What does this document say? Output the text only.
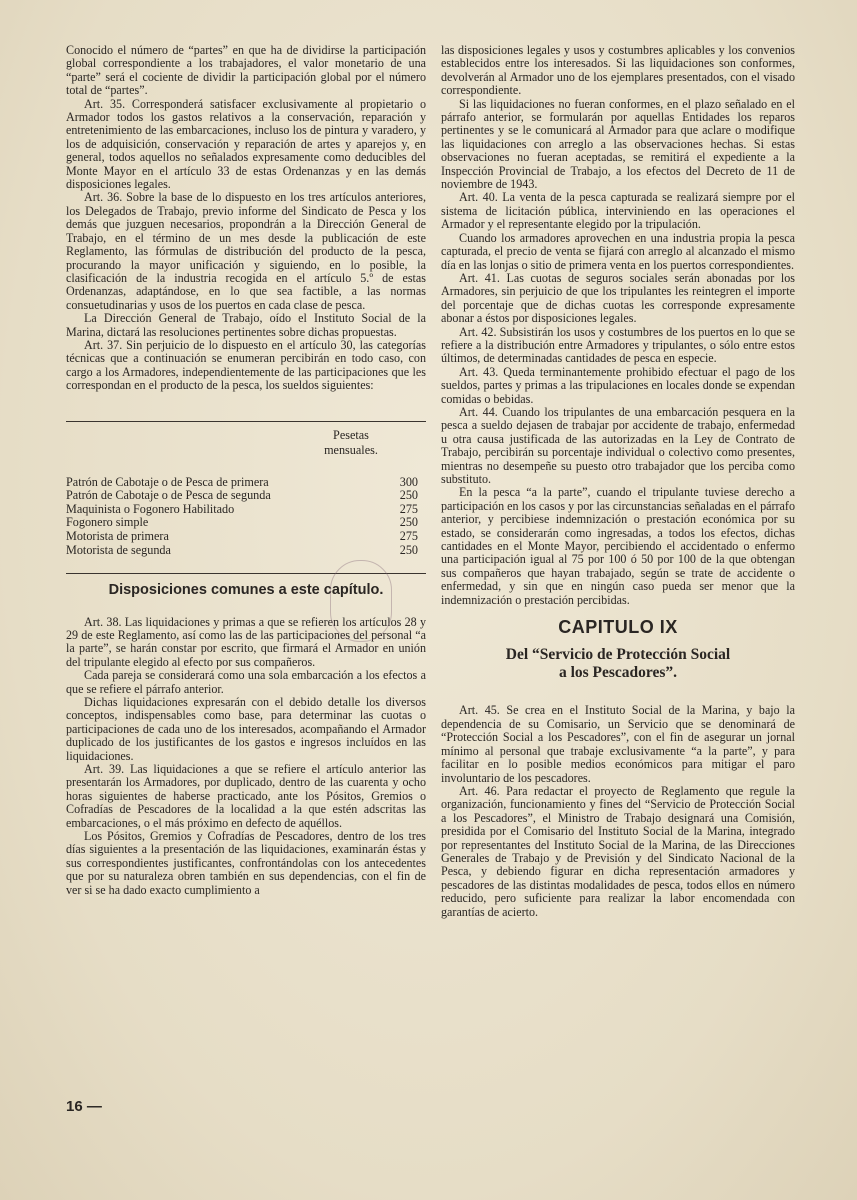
Conocido el número de “partes” en que ha de dividirse la participación global correspondiente a los trabajadores, el valor monetario de una “parte” será el cociente de dividir la participación global por el número total de “partes”.

Art. 35. Corresponderá satisfacer exclusivamente al propietario o Armador todos los gastos relativos a la conservación, reparación y entretenimiento de las embarcaciones, incluso los de pintura y varadero, y los de adquisición, conservación y reparación de artes y aparejos y, en general, todos aquellos no señalados expresamente como deducibles del Monte Mayor en el artículo 33 de estas Ordenanzas y en las demás disposiciones legales.

Art. 36. Sobre la base de lo dispuesto en los tres artículos anteriores, los Delegados de Trabajo, previo informe del Sindicato de Pesca y los demás que juzguen necesarios, propondrán a la Dirección General de Trabajo, en el término de un mes desde la publicación de este Reglamento, las fórmulas de distribución del producto de la pesca, procurando la mayor unificación y siguiendo, en lo posible, la clasificación de la industria recogida en el artículo 5.º de estas Ordenanzas, adaptándose, en lo que sea factible, a las normas consuetudinarias y usos de los puertos en cada clase de pesca.

La Dirección General de Trabajo, oído el Instituto Social de la Marina, dictará las resoluciones pertinentes sobre dichas propuestas.

Art. 37. Sin perjuicio de lo dispuesto en el artículo 30, las categorías técnicas que a continuación se enumeran percibirán en todo caso, con cargo a los Armadores, independientemente de las participaciones que les correspondan en el producto de la pesca, los sueldos siguientes:

Pesetas mensuales.
Patrón de Cabotaje o de Pesca de primera	300
Patrón de Cabotaje o de Pesca de segunda	250
Maquinista o Fogonero Habilitado	275
Fogonero simple	250
Motorista de primera	275
Motorista de segunda	250
Disposiciones comunes a este capítulo.

Art. 38. Las liquidaciones y primas a que se refieren los artículos 28 y 29 de este Reglamento, así como las de las participaciones del personal “a la parte”, se harán constar por escrito, que firmará el Armador en unión del tripulante elegido al efecto por sus compañeros.

Cada pareja se considerará como una sola embarcación a los efectos a que se refiere el párrafo anterior.

Dichas liquidaciones expresarán con el debido detalle los diversos conceptos, indispensables como base, para determinar las cuotas o participaciones de cada uno de los interesados, acompañando el Armador duplicado de los justificantes de los gastos e ingresos incluídos en las liquidaciones.

Art. 39. Las liquidaciones a que se refiere el artículo anterior las presentarán los Armadores, por duplicado, dentro de las cuarenta y ocho horas siguientes de haberse practicado, ante los Pósitos, Gremios o Cofradías de Pescadores de la localidad a la que estén adscritas las embarcaciones, o el más próximo en defecto de aquéllos.

Los Pósitos, Gremios y Cofradías de Pescadores, dentro de los tres días siguientes a la presentación de las liquidaciones, examinarán éstas y sus correspondientes justificantes, confrontándolas con los antecedentes que por su naturaleza obren también en sus dependencias, con el fin de ver si se ha dado exacto cumplimiento a

las disposiciones legales y usos y costumbres aplicables y los convenios establecidos entre los interesados. Si las liquidaciones son conformes, devolverán al Armador uno de los ejemplares presentados, con el visado correspondiente.

Si las liquidaciones no fueran conformes, en el plazo señalado en el párrafo anterior, se formularán por aquellas Entidades los reparos pertinentes y se le comunicará al Armador para que aclare o modifique las liquidaciones con arreglo a las observaciones hechas. Si estas observaciones no fueran aceptadas, se remitirá el expediente a la Inspección Provincial de Trabajo, a los efectos del Decreto de 11 de noviembre de 1943.

Art. 40. La venta de la pesca capturada se realizará siempre por el sistema de licitación pública, interviniendo en las operaciones el Armador y el representante elegido por la tripulación.

Cuando los armadores aprovechen en una industria propia la pesca capturada, el precio de venta se fijará con arreglo al alcanzado el mismo día en las lonjas o sitio de primera venta en los puertos correspondientes.

Art. 41. Las cuotas de seguros sociales serán abonadas por los Armadores, sin perjuicio de que los tripulantes les reintegren el importe del porcentaje que de dichas cuotas les corresponde expresamente abonar a éstos por disposiciones legales.

Art. 42. Subsistirán los usos y costumbres de los puertos en lo que se refiere a la distribución entre Armadores y tripulantes, o sólo entre estos últimos, de determinadas cantidades de pesca en especie.

Art. 43. Queda terminantemente prohibido efectuar el pago de los sueldos, partes y primas a las tripulaciones en locales donde se expendan comidas o bebidas.

Art. 44. Cuando los tripulantes de una embarcación pesquera en la pesca a sueldo dejasen de trabajar por accidente de trabajo, enfermedad u otra causa justificada de las autorizadas en la Ley de Contrato de Trabajo, percibirán su porcentaje individual o colectivo como presentes, mientras no desempeñe su puesto otro trabajador que los perciba como substituto.

En la pesca “a la parte”, cuando el tripulante tuviese derecho a participación en los casos y por las circunstancias señaladas en el párrafo anterior, y percibiese indemnización o prestación económica por su estado, se considerarán como ingresadas, a todos los efectos, dichas cantidades en el Monte Mayor, percibiendo el accidentado o enfermo una participación igual al 75 por 100 ó 50 por 100 de la que obtengan sus compañeros que hayan trabajado, según se trate de accidente o enfermedad, y sin que en ningún caso pueda ser menor que la indemnización o prestación percibidas.

CAPITULO IX
Del “Servicio de Protección Social
a los Pescadores”.

Art. 45. Se crea en el Instituto Social de la Marina, y bajo la dependencia de su Comisario, un Servicio que se denominará de “Protección Social a los Pescadores”, con el fin de asegurar un jornal mínimo al personal que trabaje exclusivamente “a la parte”, y para facilitar en lo posible medios económicos para mitigar el paro involuntario de los pescadores.

Art. 46. Para redactar el proyecto de Reglamento que regule la organización, funcionamiento y fines del “Servicio de Protección Social a los Pescadores”, el Ministro de Trabajo designará una Comisión, presidida por el Comisario del Instituto Social de la Marina, integrado por representantes del Instituto Social de la Marina, de las Direcciones Generales de Trabajo y de Previsión y del Sindicato Nacional de la Pesca, y debiendo figurar en dicha representación armadores y pescadores de las distintas modalidades de pesca, todos ellos en número reducido, pero suficiente para realizar la labor encomendada con garantías de acierto.

16 —
